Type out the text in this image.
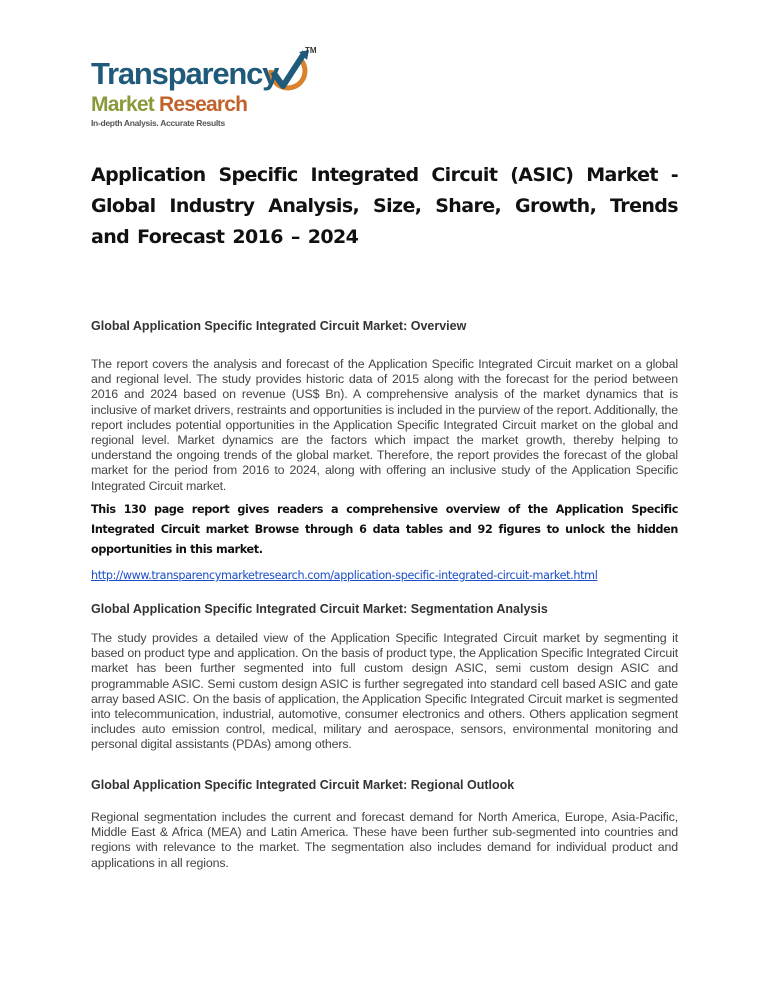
TM
Transparency
Market Research
In-depth Analysis. Accurate Results
Application Specific Integrated Circuit (ASIC) Market - Global Industry Analysis, Size, Share, Growth, Trends and Forecast 2016 – 2024
Global Application Specific Integrated Circuit Market: Overview

The report covers the analysis and forecast of the Application Specific Integrated Circuit market on a global and regional level. The study provides historic data of 2015 along with the forecast for the period between 2016 and 2024 based on revenue (US$ Bn). A comprehensive analysis of the market dynamics that is inclusive of market drivers, restraints and opportunities is included in the purview of the report. Additionally, the report includes potential opportunities in the Application Specific Integrated Circuit market on the global and regional level. Market dynamics are the factors which impact the market growth, thereby helping to understand the ongoing trends of the global market. Therefore, the report provides the forecast of the global market for the period from 2016 to 2024, along with offering an inclusive study of the Application Specific Integrated Circuit market.

This 130 page report gives readers a comprehensive overview of the Application Specific Integrated Circuit market Browse through 6 data tables and 92 figures to unlock the hidden opportunities in this market.

http://www.transparencymarketresearch.com/application-specific-integrated-circuit-market.html
Global Application Specific Integrated Circuit Market: Segmentation Analysis

The study provides a detailed view of the Application Specific Integrated Circuit market by segmenting it based on product type and application. On the basis of product type, the Application Specific Integrated Circuit market has been further segmented into full custom design ASIC, semi custom design ASIC and programmable ASIC. Semi custom design ASIC is further segregated into standard cell based ASIC and gate array based ASIC. On the basis of application, the Application Specific Integrated Circuit market is segmented into telecommunication, industrial, automotive, consumer electronics and others. Others application segment includes auto emission control, medical, military and aerospace, sensors, environmental monitoring and personal digital assistants (PDAs) among others.

Global Application Specific Integrated Circuit Market: Regional Outlook

Regional segmentation includes the current and forecast demand for North America, Europe, Asia-Pacific, Middle East & Africa (MEA) and Latin America. These have been further sub-segmented into countries and regions with relevance to the market. The segmentation also includes demand for individual product and applications in all regions.
